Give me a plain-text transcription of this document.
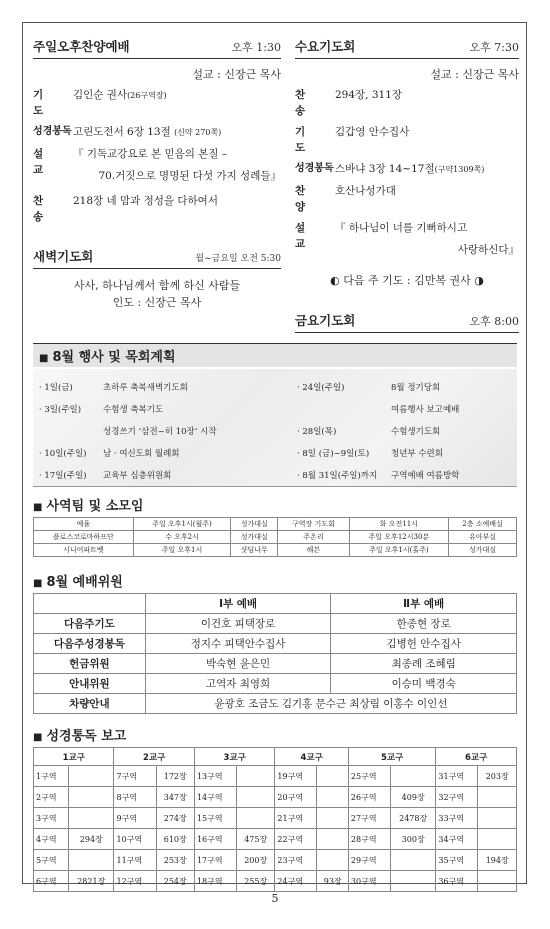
주일오후찬양예배	오후 1:30
설교 : 신장근 목사
기 도
김인순 권사(26구역장)
성경봉독 고린도전서 6장 13절 (신약 270쪽)
설 교
『 기독교강요로 본 믿음의 본질 –

70.거짓으로 명명된 다섯 가지 성례들』
찬 송
218장 네 맘과 정성을 다하여서
새벽기도회	월~금요일 오전 5:30
사사, 하나님께서 함께 하신 사람들
인도 : 신장근 목사
수요기도회	오후 7:30
설교 : 신장근 목사
찬 송
294장, 311장
기 도
김갑영 안수집사
성경봉독 스바냐 3장 14~17절(구약1309쪽)
찬 양
호산나성가대
설 교
『 하나님이 너를 기뻐하시고

사랑하신다』
◐ 다음 주 기도 : 김만복 권사 ◑
금요기도회	오후 8:00
■ 8월 행사 및 목회계획
· 1일(금)	초하루 축복새벽기도회
· 3일(주일)	수험생 축복기도
성경쓰기 ‘삼전~히 10장’ 시작
· 10일(주일) 남 · 여신도회 월례회
· 17일(주일) 교육부 심층위원회
· 24일(주일)	8월 정기당회
여름행사 보고예배
· 28일(목)	수험생기도회
· 8일 (금)~9일(토)	청년부 수련회
· 8월 31일(주일)까지 구역예배 여름방학
■ 사역팀 및 소모임
예율	주일 오후1시(월주)	성가대실	구역장 기도회	화 오전11시	2층 소예배실
플로스코로마하프단	수 오후2시	성가대실	주온리	주일 오후12시30분	유아부실
시니어파트벳	주일 오후1시	샷딤나무	해븐	주일 오후1시(홀주)	성가대실
■ 8월 예배위원
	Ⅰ부 예배	Ⅱ부 예배
다음주기도	이건호 피택장로	한종현 장로
다음주성경봉독	정지수 피택안수집사	김병헌 안수집사
헌금위원	박숙현 윤은민	최종례 조혜림
안내위원	고역자 최영희	이승미 백경숙
차량안내	윤광호 조금도 김기홍 문수근 최상림 이홍수 이인선	
■ 성경통독 보고
1교구		2교구		3교구		4교구		5교구		6교구	
1구역		7구역	172장	13구역		19구역		25구역		31구역	203장
2구역		8구역	347장	14구역		20구역		26구역	409장	32구역	
3구역		9구역	274장	15구역		21구역		27구역	2478장	33구역	
4구역	294장	10구역	610장	16구역	475장	22구역		28구역	300장	34구역	
5구역		11구역	253장	17구역	200장	23구역		29구역		35구역	194장
6구역	2821장	12구역	254장	18구역	255장	24구역	93장	30구역		36구역	
5
